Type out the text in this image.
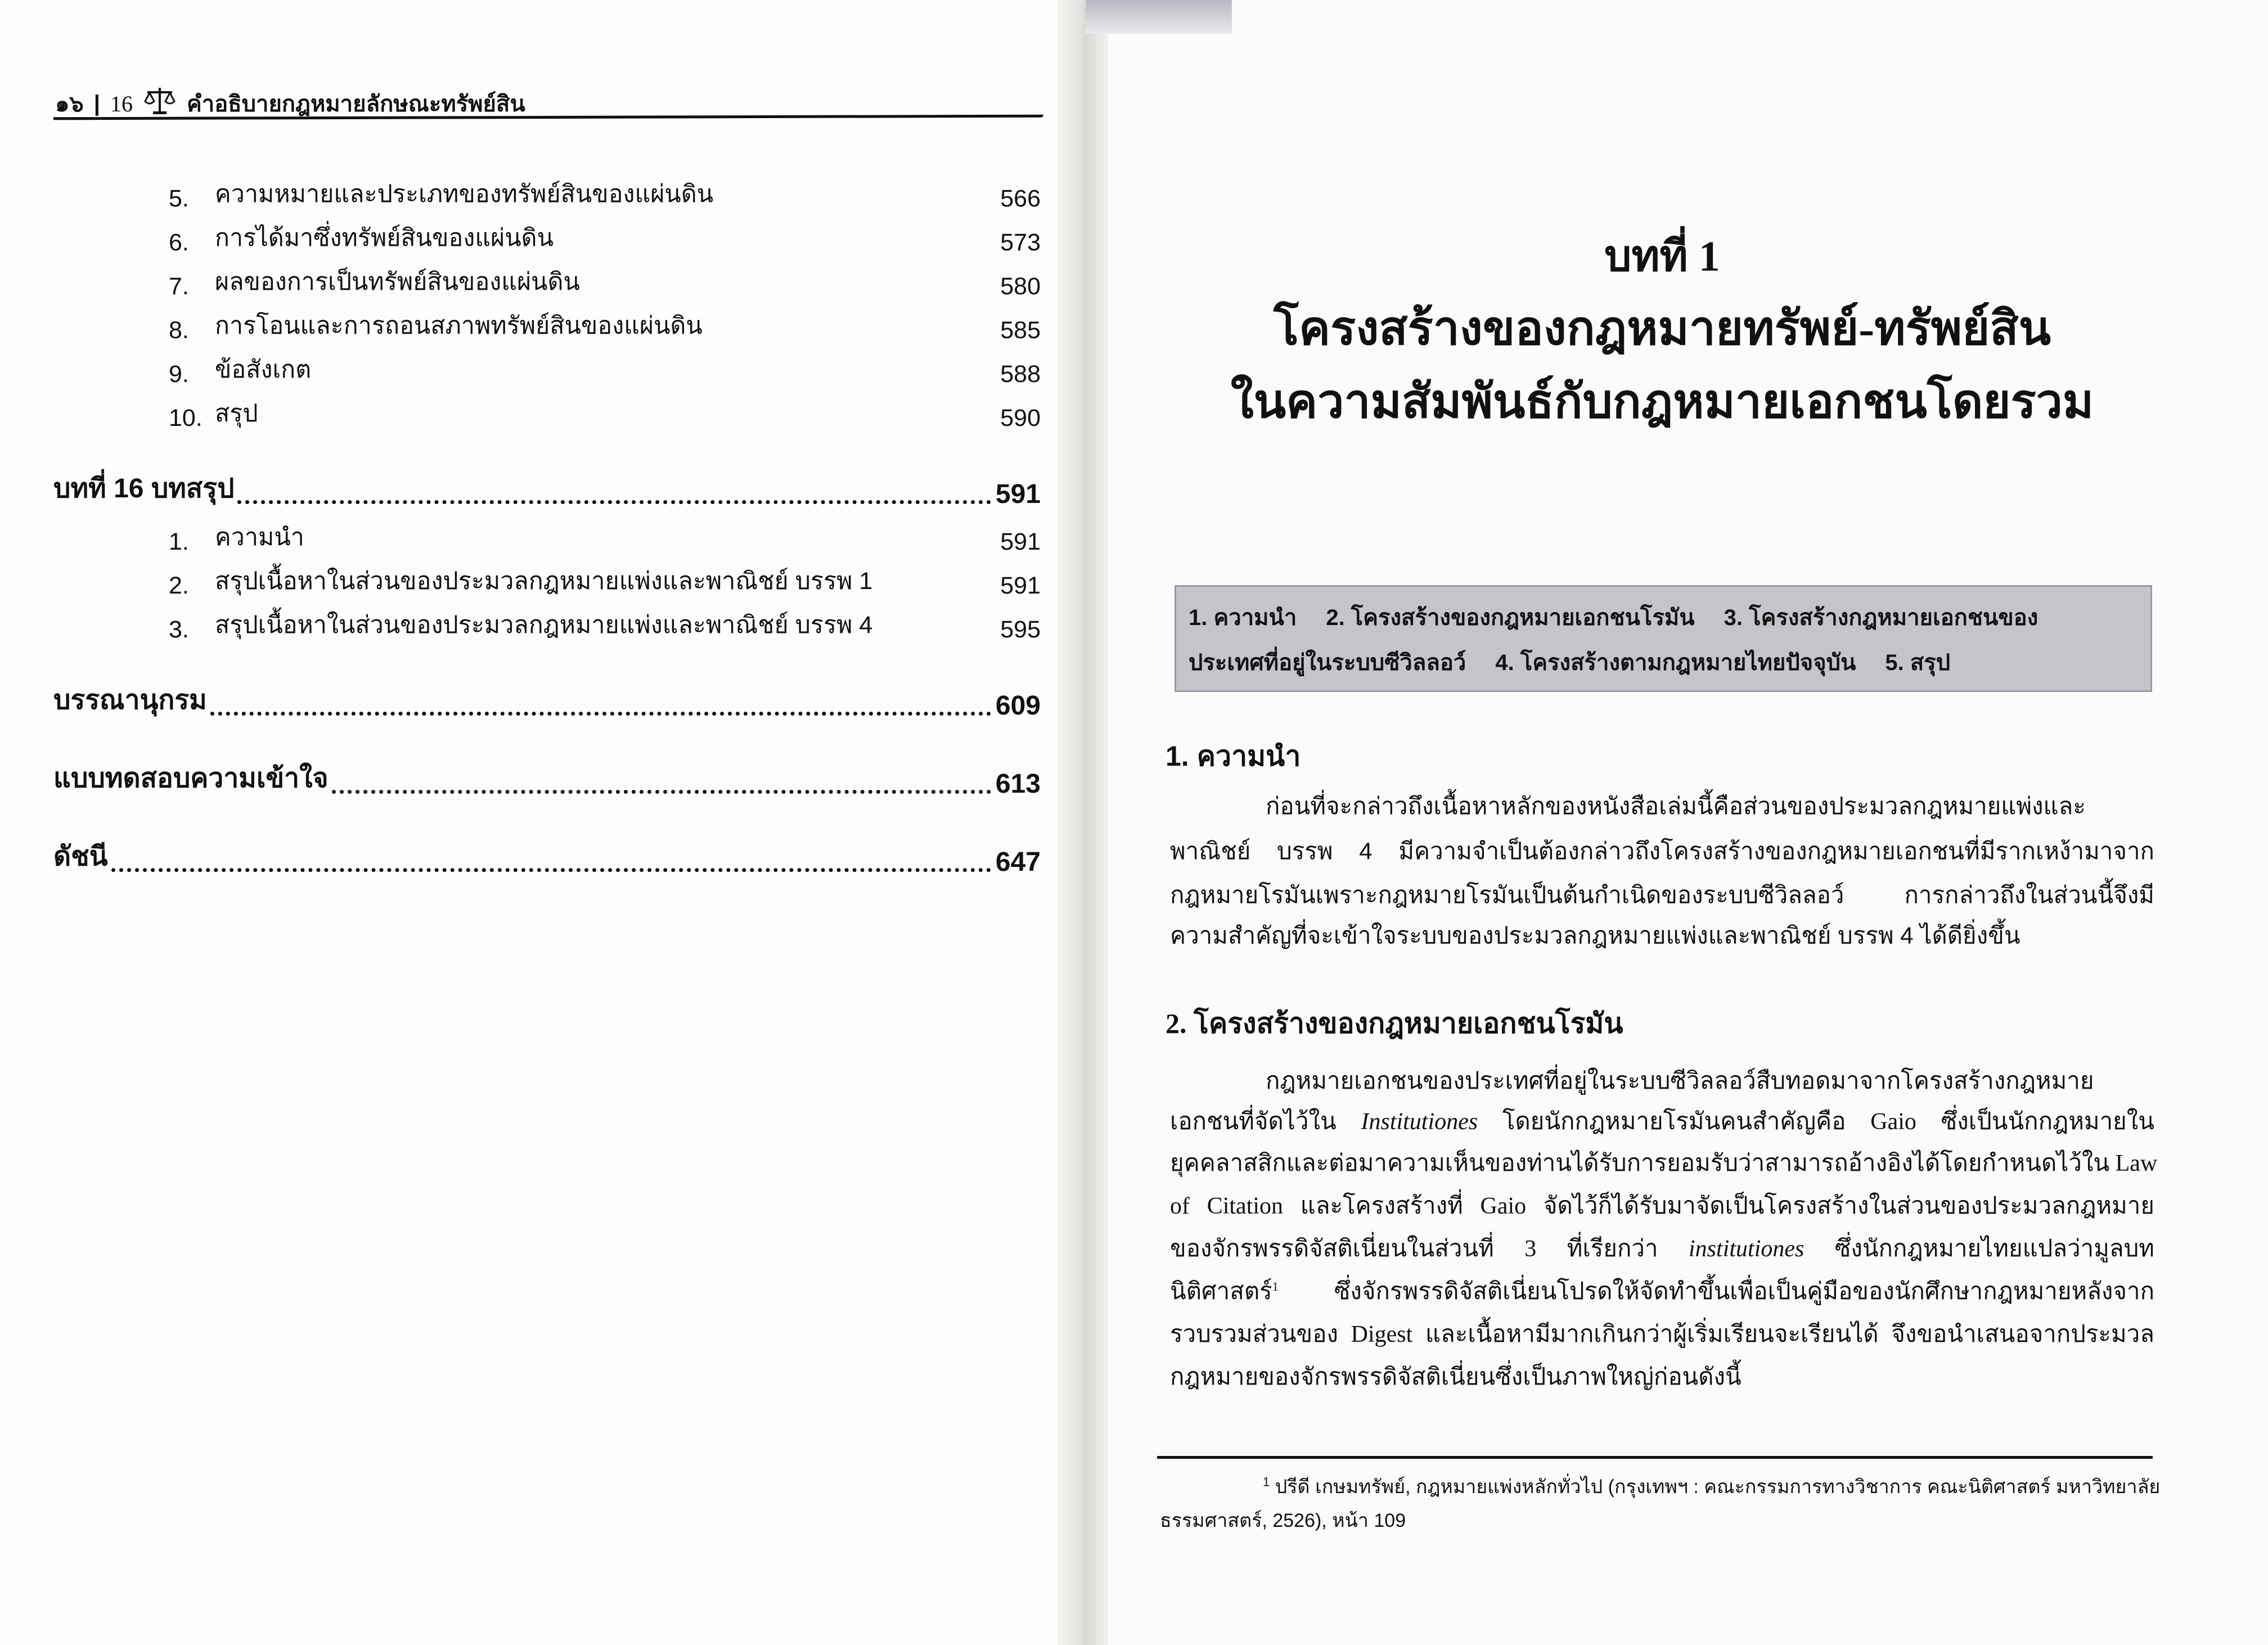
๑๖ | 16 คำอธิบายกฎหมายลักษณะทรัพย์สิน
5.	ความหมายและประเภทของทรัพย์สินของแผ่นดิน	566
6.	การได้มาซึ่งทรัพย์สินของแผ่นดิน	573
7.	ผลของการเป็นทรัพย์สินของแผ่นดิน	580
8.	การโอนและการถอนสภาพทรัพย์สินของแผ่นดิน	585
9.	ข้อสังเกต	588
10. สรุป	590
บทที่ 16 บทสรุป	591
1.	ความนำ	591
2.	สรุปเนื้อหาในส่วนของประมวลกฎหมายแพ่งและพาณิชย์ บรรพ 1	591
3.	สรุปเนื้อหาในส่วนของประมวลกฎหมายแพ่งและพาณิชย์ บรรพ 4	595
บรรณานุกรม	609
แบบทดสอบความเข้าใจ	613
ดัชนี	647
บทที่ 1
โครงสร้างของกฎหมายทรัพย์-ทรัพย์สิน
ในความสัมพันธ์กับกฎหมายเอกชนโดยรวม
1. ความนำ 2. โครงสร้างของกฎหมายเอกชนโรมัน 3. โครงสร้างกฎหมายเอกชนของ
ประเทศที่อยู่ในระบบซีวิลลอว์ 4. โครงสร้างตามกฎหมายไทยปัจจุบัน 5. สรุป
1. ความนำ
ก่อนที่จะกล่าวถึงเนื้อหาหลักของหนังสือเล่มนี้คือส่วนของประมวลกฎหมายแพ่งและ
พาณิชย์ บรรพ 4 มีความจำเป็นต้องกล่าวถึงโครงสร้างของกฎหมายเอกชนที่มีรากเหง้ามาจาก
กฎหมายโรมันเพราะกฎหมายโรมันเป็นต้นกำเนิดของระบบซีวิลลอว์ การกล่าวถึงในส่วนนี้จึงมี
ความสำคัญที่จะเข้าใจระบบของประมวลกฎหมายแพ่งและพาณิชย์ บรรพ 4 ได้ดียิ่งขึ้น
2. โครงสร้างของกฎหมายเอกชนโรมัน
กฎหมายเอกชนของประเทศที่อยู่ในระบบซีวิลลอว์สืบทอดมาจากโครงสร้างกฎหมาย
เอกชนที่จัดไว้ใน Institutiones โดยนักกฎหมายโรมันคนสำคัญคือ Gaio ซึ่งเป็นนักกฎหมายใน
ยุคคลาสสิกและต่อมาความเห็นของท่านได้รับการยอมรับว่าสามารถอ้างอิงได้โดยกำหนดไว้ใน Law
of Citation และโครงสร้างที่ Gaio จัดไว้ก็ได้รับมาจัดเป็นโครงสร้างในส่วนของประมวลกฎหมาย
ของจักรพรรดิจัสติเนี่ยนในส่วนที่ 3 ที่เรียกว่า institutiones ซึ่งนักกฎหมายไทยแปลว่ามูลบท
นิติศาสตร์$^1$ ซึ่งจักรพรรดิจัสติเนี่ยนโปรดให้จัดทำขึ้นเพื่อเป็นคู่มือของนักศึกษากฎหมายหลังจาก
รวบรวมส่วนของ Digest และเนื้อหามีมากเกินกว่าผู้เริ่มเรียนจะเรียนได้ จึงขอนำเสนอจากประมวล
กฎหมายของจักรพรรดิจัสติเนี่ยนซึ่งเป็นภาพใหญ่ก่อนดังนี้
$^1$ ปรีดี เกษมทรัพย์, กฎหมายแพ่งหลักทั่วไป (กรุงเทพฯ : คณะกรรมการทางวิชาการ คณะนิติศาสตร์ มหาวิทยาลัย
ธรรมศาสตร์, 2526), หน้า 109
